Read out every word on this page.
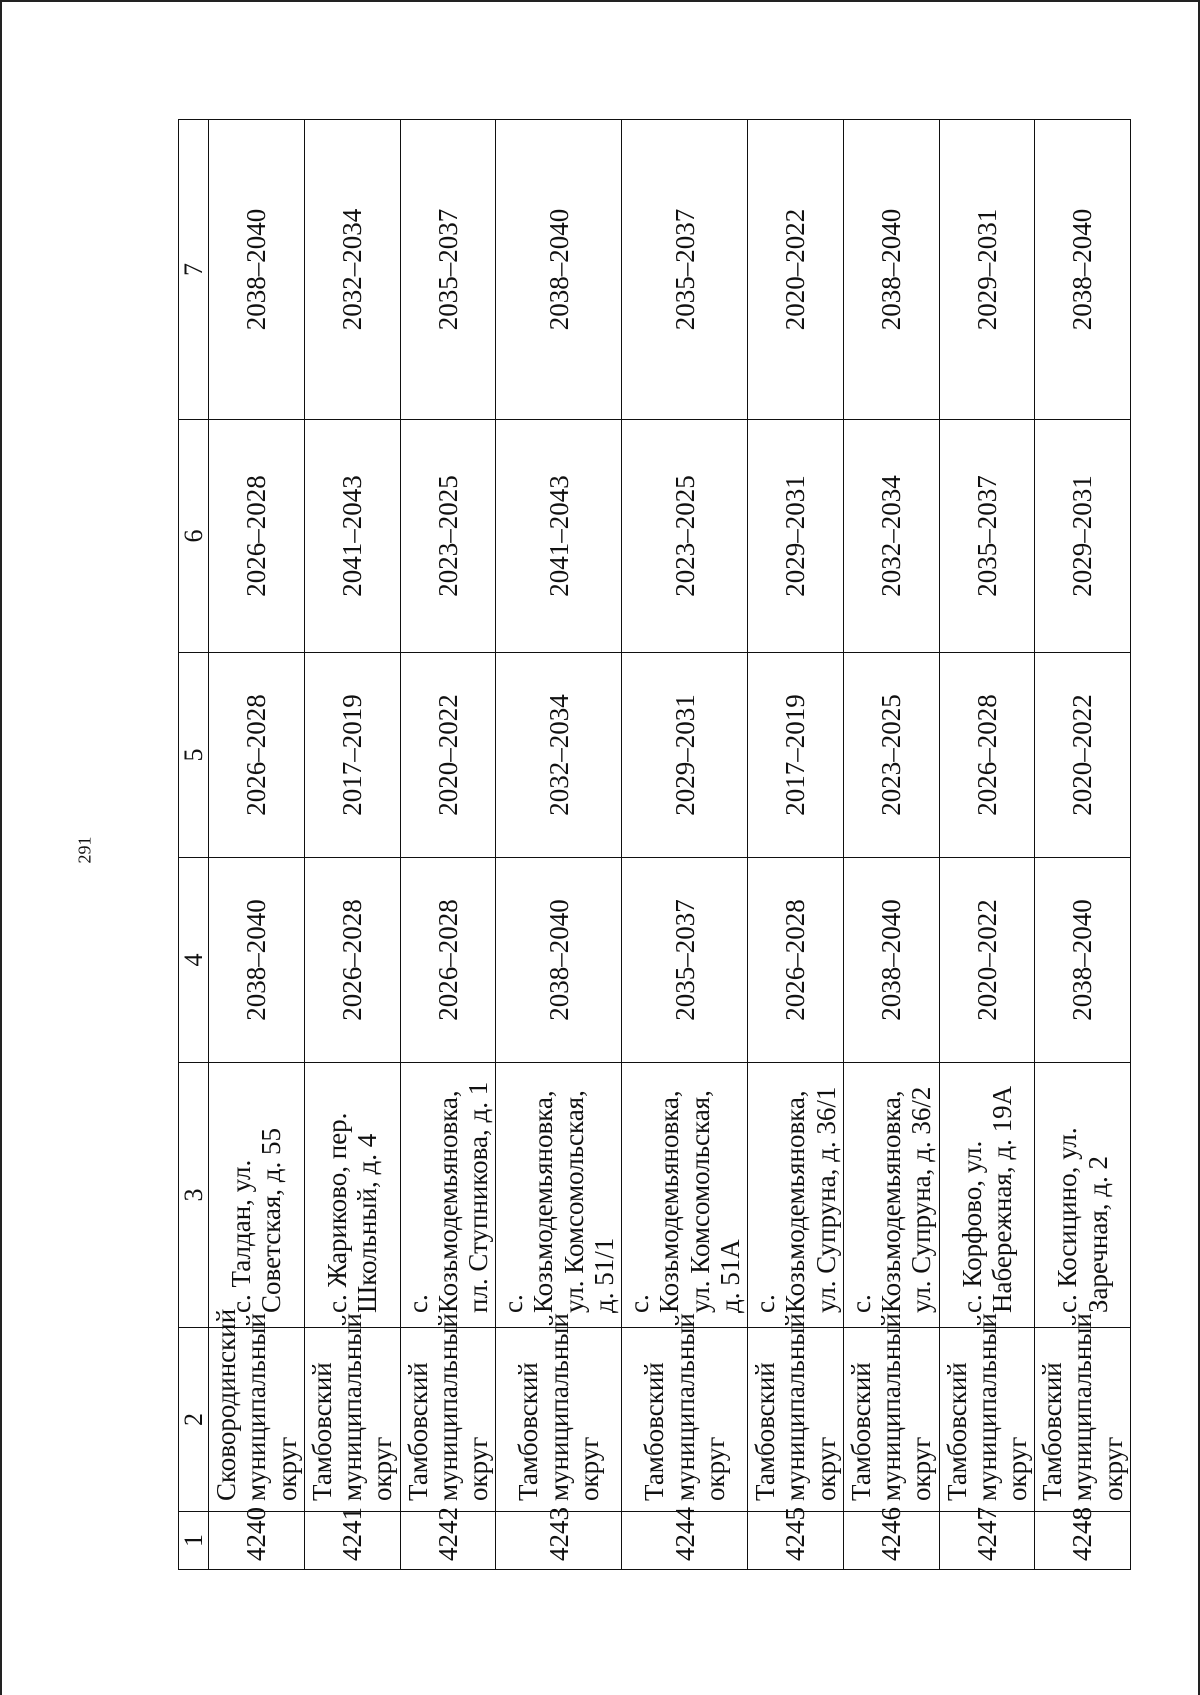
291
1	2	3	4	5	6	7
4240	Сковородинский муниципальный округ	с. Талдан, ул. Советская, д. 55	2038–2040	2026–2028	2026–2028	2038–2040
4241	Тамбовский муниципальный округ	с. Жариково, пер. Школьный, д. 4	2026–2028	2017–2019	2041–2043	2032–2034
4242	Тамбовский муниципальный округ	с. Козьмодемьяновка, пл. Ступникова, д. 1	2026–2028	2020–2022	2023–2025	2035–2037
4243	Тамбовский муниципальный округ	с. Козьмодемьяновка, ул. Комсомольская, д. 51/1	2038–2040	2032–2034	2041–2043	2038–2040
4244	Тамбовский муниципальный округ	с. Козьмодемьяновка, ул. Комсомольская, д. 51А	2035–2037	2029–2031	2023–2025	2035–2037
4245	Тамбовский муниципальный округ	с. Козьмодемьяновка, ул. Супруна, д. 36/1	2026–2028	2017–2019	2029–2031	2020–2022
4246	Тамбовский муниципальный округ	с. Козьмодемьяновка, ул. Супруна, д. 36/2	2038–2040	2023–2025	2032–2034	2038–2040
4247	Тамбовский муниципальный округ	с. Корфово, ул. Набережная, д. 19А	2020–2022	2026–2028	2035–2037	2029–2031
4248	Тамбовский муниципальный округ	с. Косицино, ул. Заречная, д. 2	2038–2040	2020–2022	2029–2031	2038–2040
